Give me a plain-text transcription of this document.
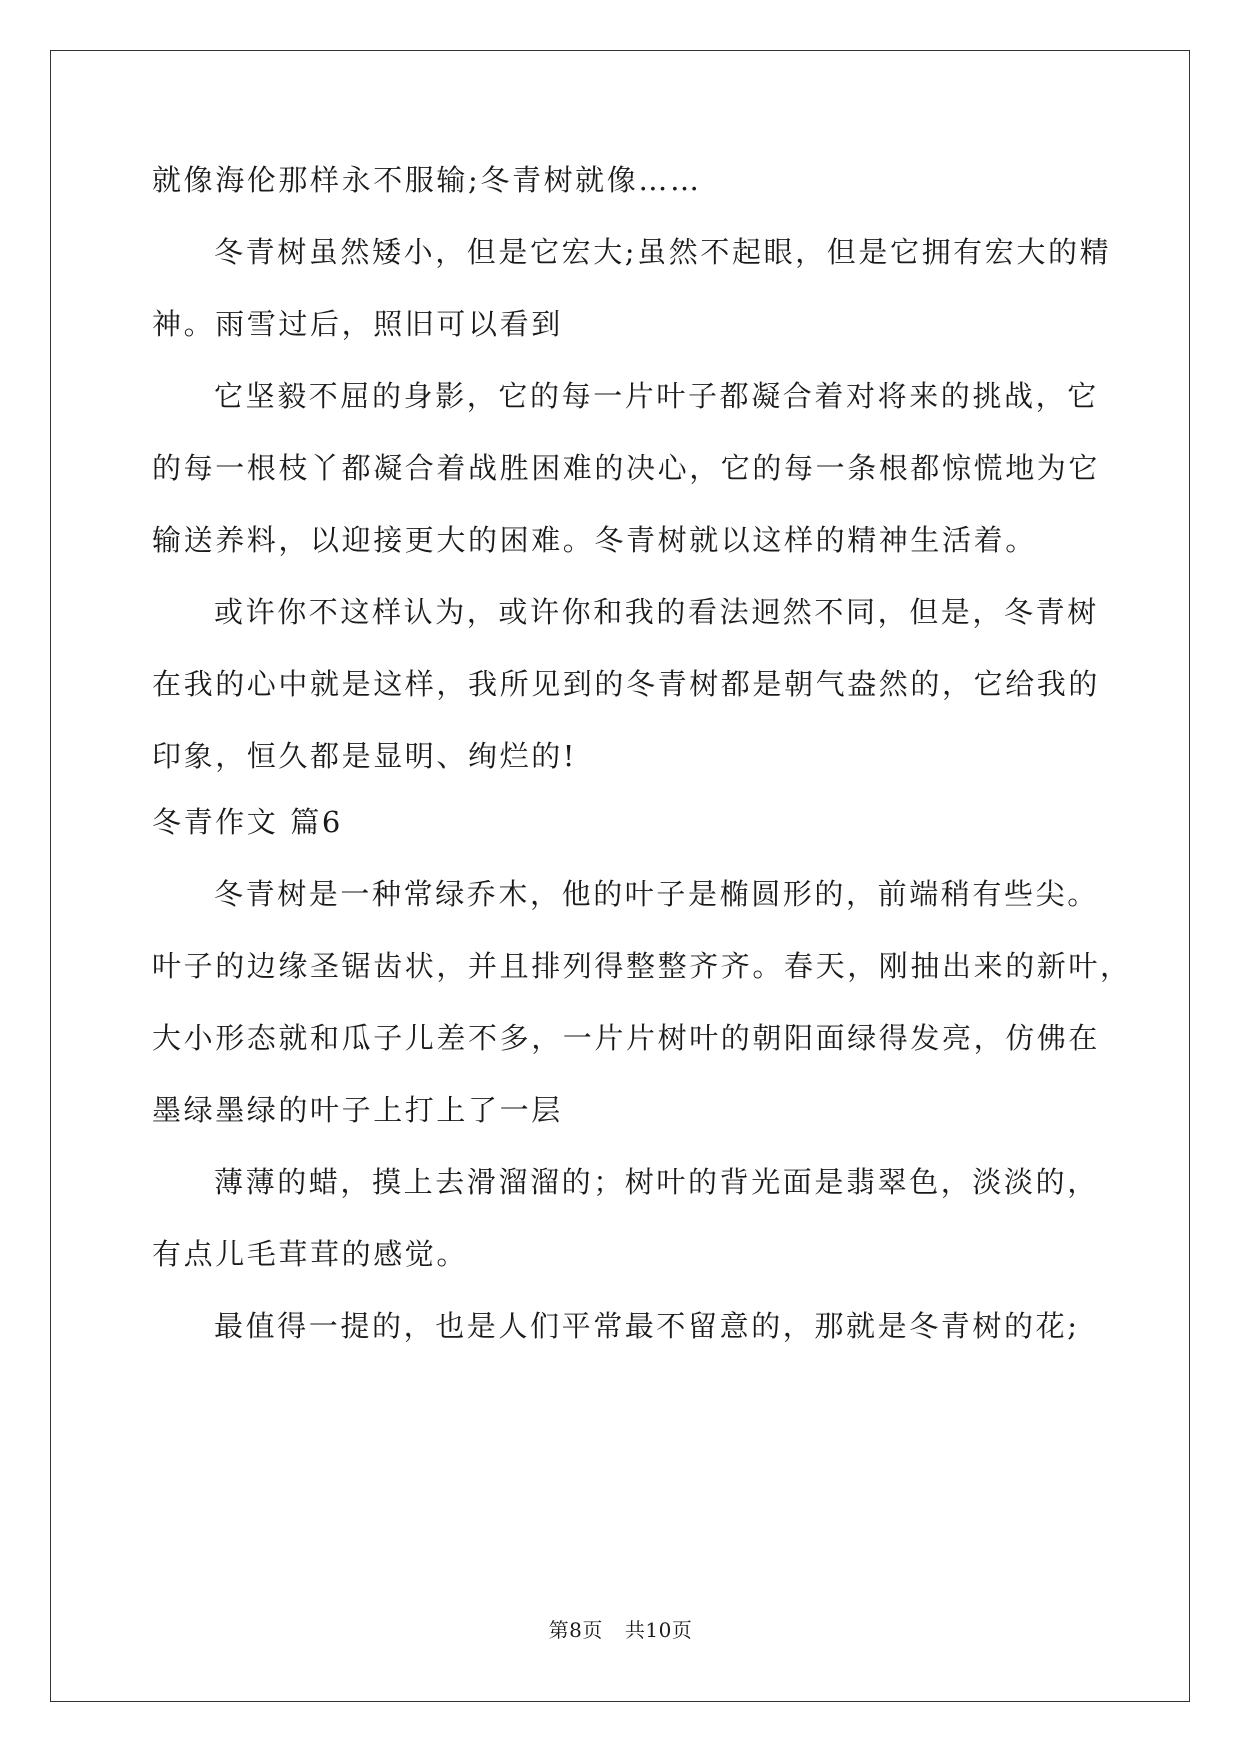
就像海伦那样永不服输;冬青树就像……
冬青树虽然矮小，但是它宏大;虽然不起眼，但是它拥有宏大的精
神。雨雪过后，照旧可以看到
它坚毅不屈的身影，它的每一片叶子都凝合着对将来的挑战，它
的每一根枝丫都凝合着战胜困难的决心，它的每一条根都惊慌地为它
输送养料，以迎接更大的困难。冬青树就以这样的精神生活着。
或许你不这样认为，或许你和我的看法迥然不同，但是，冬青树
在我的心中就是这样，我所见到的冬青树都是朝气盎然的，它给我的
印象，恒久都是显明、绚烂的!
冬青作文 篇6
冬青树是一种常绿乔木，他的叶子是椭圆形的，前端稍有些尖。
叶子的边缘圣锯齿状，并且排列得整整齐齐。春天，刚抽出来的新叶，
大小形态就和瓜子儿差不多，一片片树叶的朝阳面绿得发亮，仿佛在
墨绿墨绿的叶子上打上了一层
薄薄的蜡，摸上去滑溜溜的；树叶的背光面是翡翠色，淡淡的，
有点儿毛茸茸的感觉。
最值得一提的，也是人们平常最不留意的，那就是冬青树的花;
第8页 共10页
